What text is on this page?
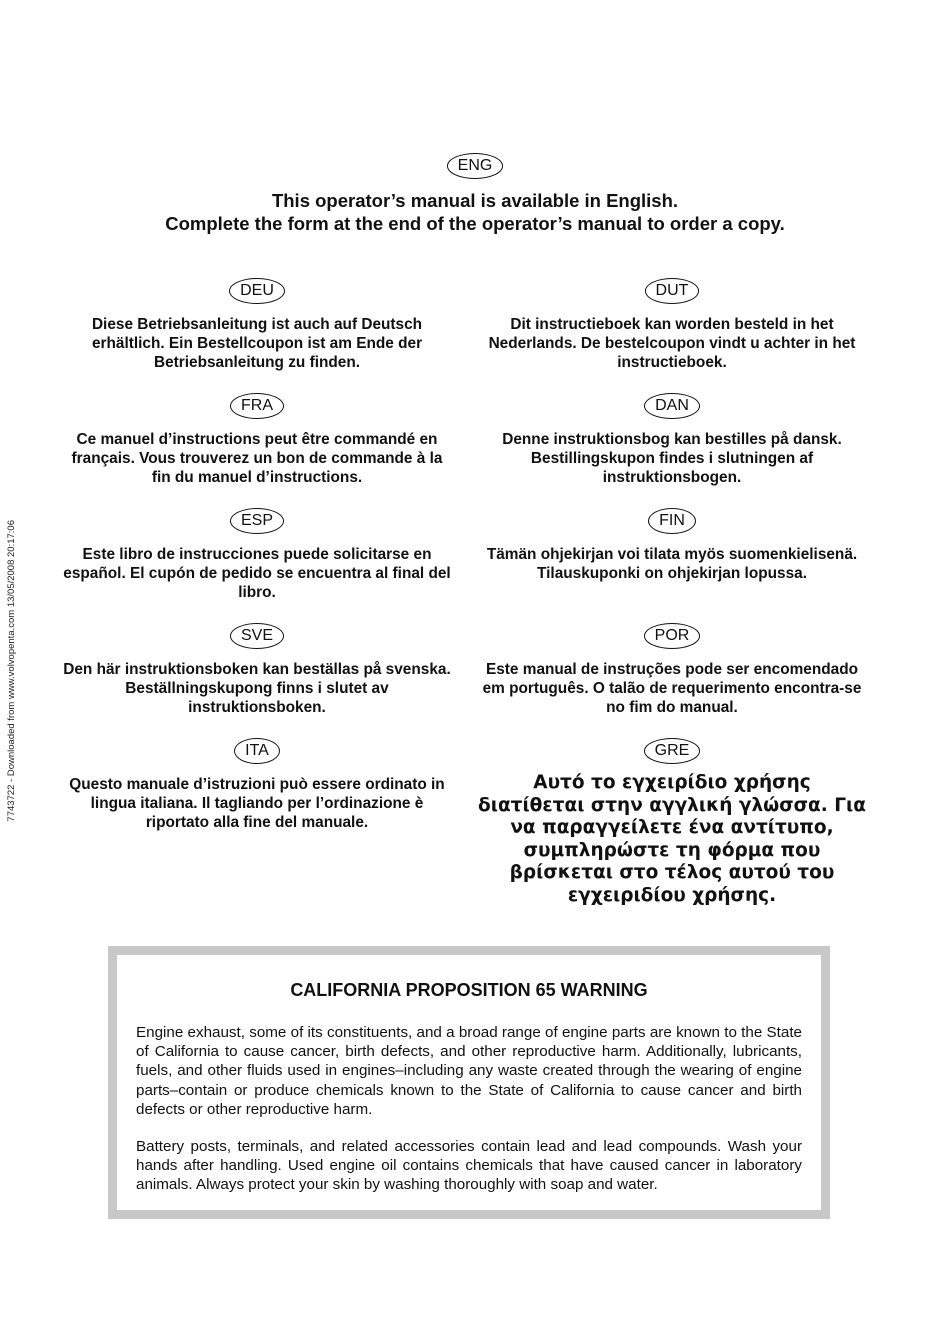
7743722 - Downloaded from www.volvopenta.com 13/05/2008 20:17:06
ENG
This operator’s manual is available in English.
Complete the form at the end of the operator’s manual to order a copy.
DEU
Diese Betriebsanleitung ist auch auf Deutsch erhältlich. Ein Bestellcoupon ist am Ende der Betriebsanleitung zu finden.
FRA
Ce manuel d’instructions peut être commandé en français. Vous trouverez un bon de commande à la fin du manuel d’instructions.
ESP
Este libro de instrucciones puede solicitarse en español. El cupón de pedido se encuentra al final del libro.
SVE
Den här instruktionsboken kan beställas på svenska. Beställningskupong finns i slutet av instruktionsboken.
ITA
Questo manuale d’istruzioni può essere ordinato in lingua italiana. Il tagliando per l’ordinazione è riportato alla fine del manuale.
DUT
Dit instructieboek kan worden besteld in het Nederlands. De bestelcoupon vindt u achter in het instructieboek.
DAN
Denne instruktionsbog kan bestilles på dansk. Bestillingskupon findes i slutningen af instruktionsbogen.
FIN
Tämän ohjekirjan voi tilata myös suomenkielisenä. Tilauskuponki on ohjekirjan lopussa.
POR
Este manual de instruções pode ser encomendado em português. O talão de requerimento encontra-se no fim do manual.
GRE
Αυτό το εγχειρίδιο χρήσης διατίθεται στην αγγλική γλώσσα. Για να παραγγείλετε ένα αντίτυπο, συμπληρώστε τη φόρμα που βρίσκεται στο τέλος αυτού του εγχειριδίου χρήσης.
CALIFORNIA PROPOSITION 65 WARNING
Engine exhaust, some of its constituents, and a broad range of engine parts are known to the State of California to cause cancer, birth defects, and other reproductive harm. Additionally, lubricants, fuels, and other fluids used in engines–including any waste created through the wearing of engine parts–contain or produce chemicals known to the State of California to cause cancer and birth defects or other reproductive harm.
Battery posts, terminals, and related accessories contain lead and lead compounds. Wash your hands after handling. Used engine oil contains chemicals that have caused cancer in laboratory animals. Always protect your skin by washing thoroughly with soap and water.
